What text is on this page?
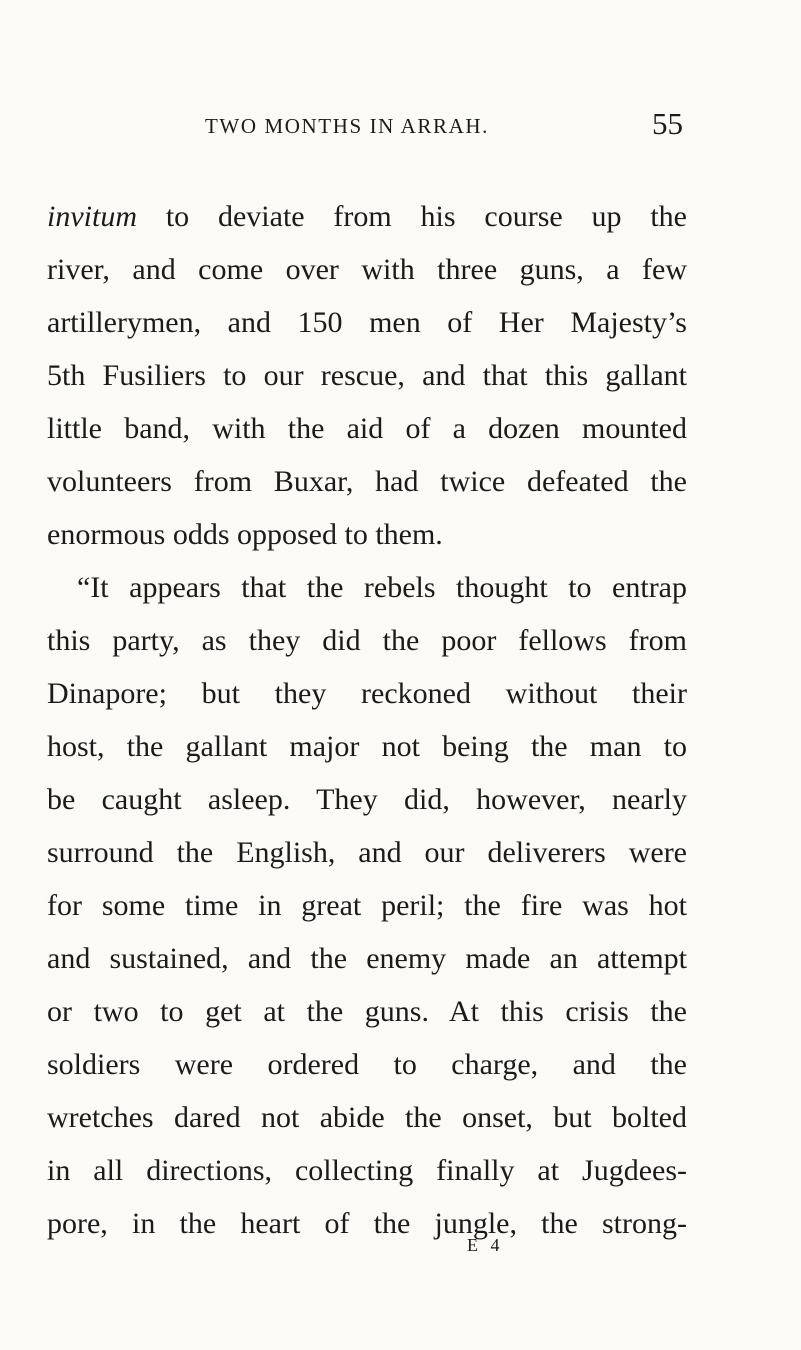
TWO MONTHS IN ARRAH.	55
invitum to deviate from his course up the
river, and come over with three guns, a few
artillerymen, and 150 men of Her Majesty’s
5th Fusiliers to our rescue, and that this gallant
little band, with the aid of a dozen mounted
volunteers from Buxar, had twice defeated the
enormous odds opposed to them.
“It appears that the rebels thought to entrap
this party, as they did the poor fellows from
Dinapore; but they reckoned without their
host, the gallant major not being the man to
be caught asleep. They did, however, nearly
surround the English, and our deliverers were
for some time in great peril; the fire was hot
and sustained, and the enemy made an attempt
or two to get at the guns. At this crisis the
soldiers were ordered to charge, and the
wretches dared not abide the onset, but bolted
in all directions, collecting finally at Jugdees-
pore, in the heart of the jungle, the strong-
E 4
